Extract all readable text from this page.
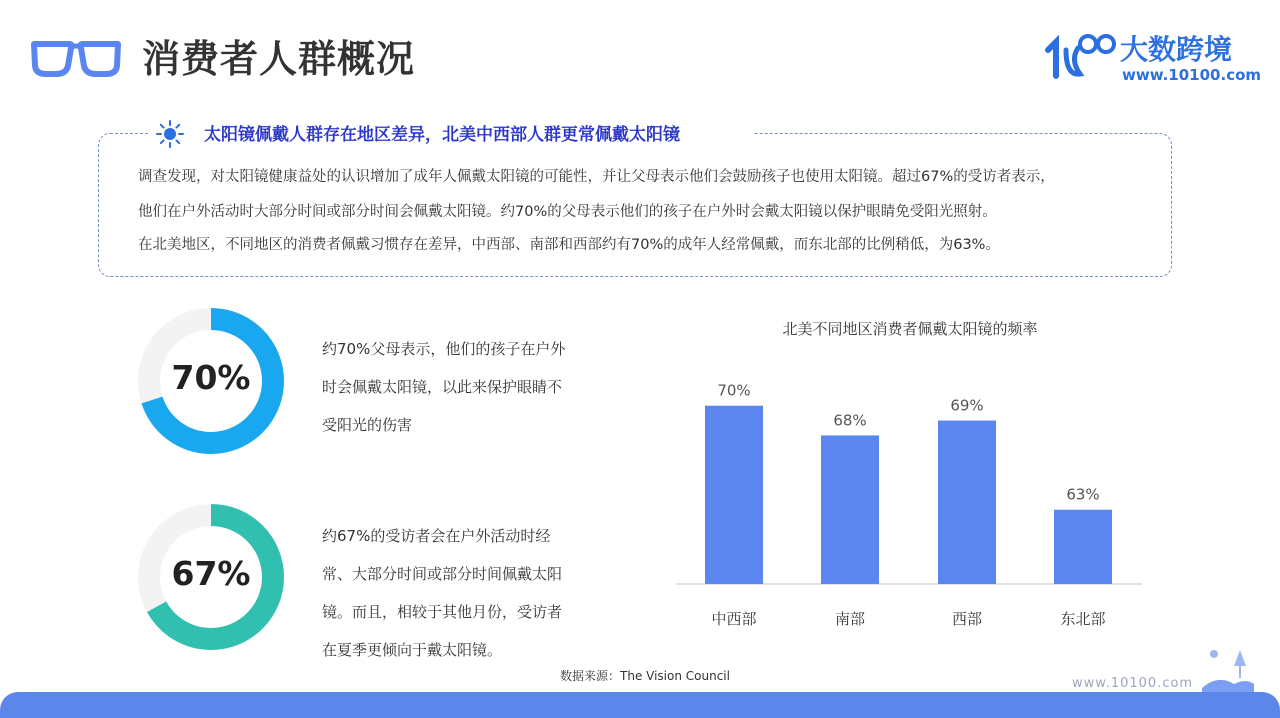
消费者人群概况	大数跨境
www.10100.com
太阳镜佩戴人群存在地区差异，北美中西部人群更常佩戴太阳镜
调查发现，对太阳镜健康益处的认识增加了成年人佩戴太阳镜的可能性，并让父母表示他们会鼓励孩子也使用太阳镜。超过67%的受访者表示，
他们在户外活动时大部分时间或部分时间会佩戴太阳镜。约70%的父母表示他们的孩子在户外时会戴太阳镜以保护眼睛免受阳光照射。
在北美地区，不同地区的消费者佩戴习惯存在差异，中西部、南部和西部约有70%的成年人经常佩戴，而东北部的比例稍低，为63%。
70%
约70%父母表示，他们的孩子在户外时会佩戴太阳镜，以此来保护眼睛不受阳光的伤害
67%
约67%的受访者会在户外活动时经常、大部分时间或部分时间佩戴太阳镜。而且，相较于其他月份，受访者在夏季更倾向于戴太阳镜。
北美不同地区消费者佩戴太阳镜的频率
70%
中西部
68%
南部
69%
西部
63%
东北部
数据来源：The Vision Council	www.10100.com
